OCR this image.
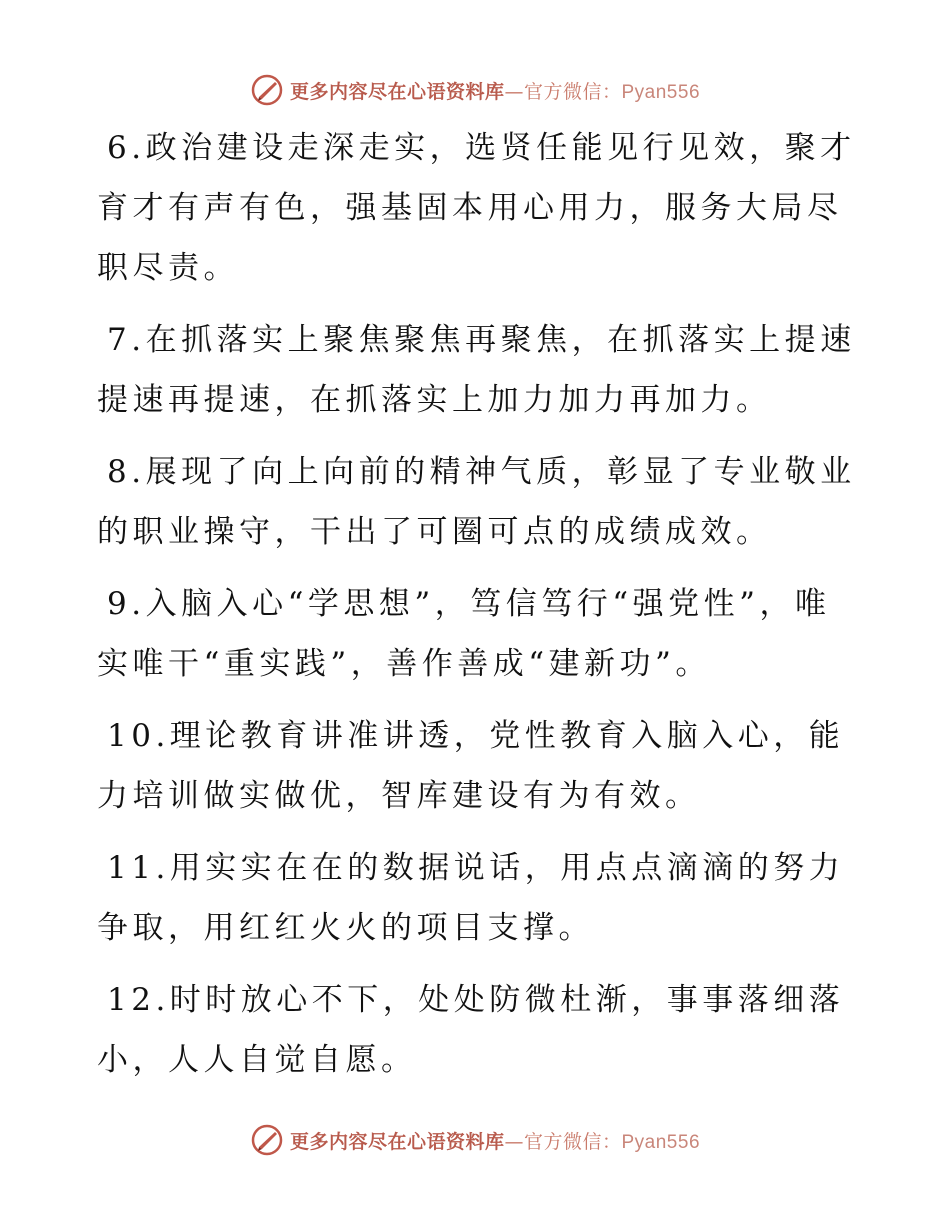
更多内容尽在心语资料库—官方微信：Pyan556

6.政治建设走深走实，选贤任能见行见效，聚才育才有声有色，强基固本用心用力，服务大局尽职尽责。

7.在抓落实上聚焦聚焦再聚焦，在抓落实上提速提速再提速，在抓落实上加力加力再加力。

8.展现了向上向前的精神气质，彰显了专业敬业的职业操守，干出了可圈可点的成绩成效。

9.入脑入心“学思想”，笃信笃行“强党性”，唯实唯干“重实践”，善作善成“建新功”。

10.理论教育讲准讲透，党性教育入脑入心，能力培训做实做优，智库建设有为有效。

11.用实实在在的数据说话，用点点滴滴的努力争取，用红红火火的项目支撑。

12.时时放心不下，处处防微杜渐，事事落细落小，人人自觉自愿。

更多内容尽在心语资料库—官方微信：Pyan556
